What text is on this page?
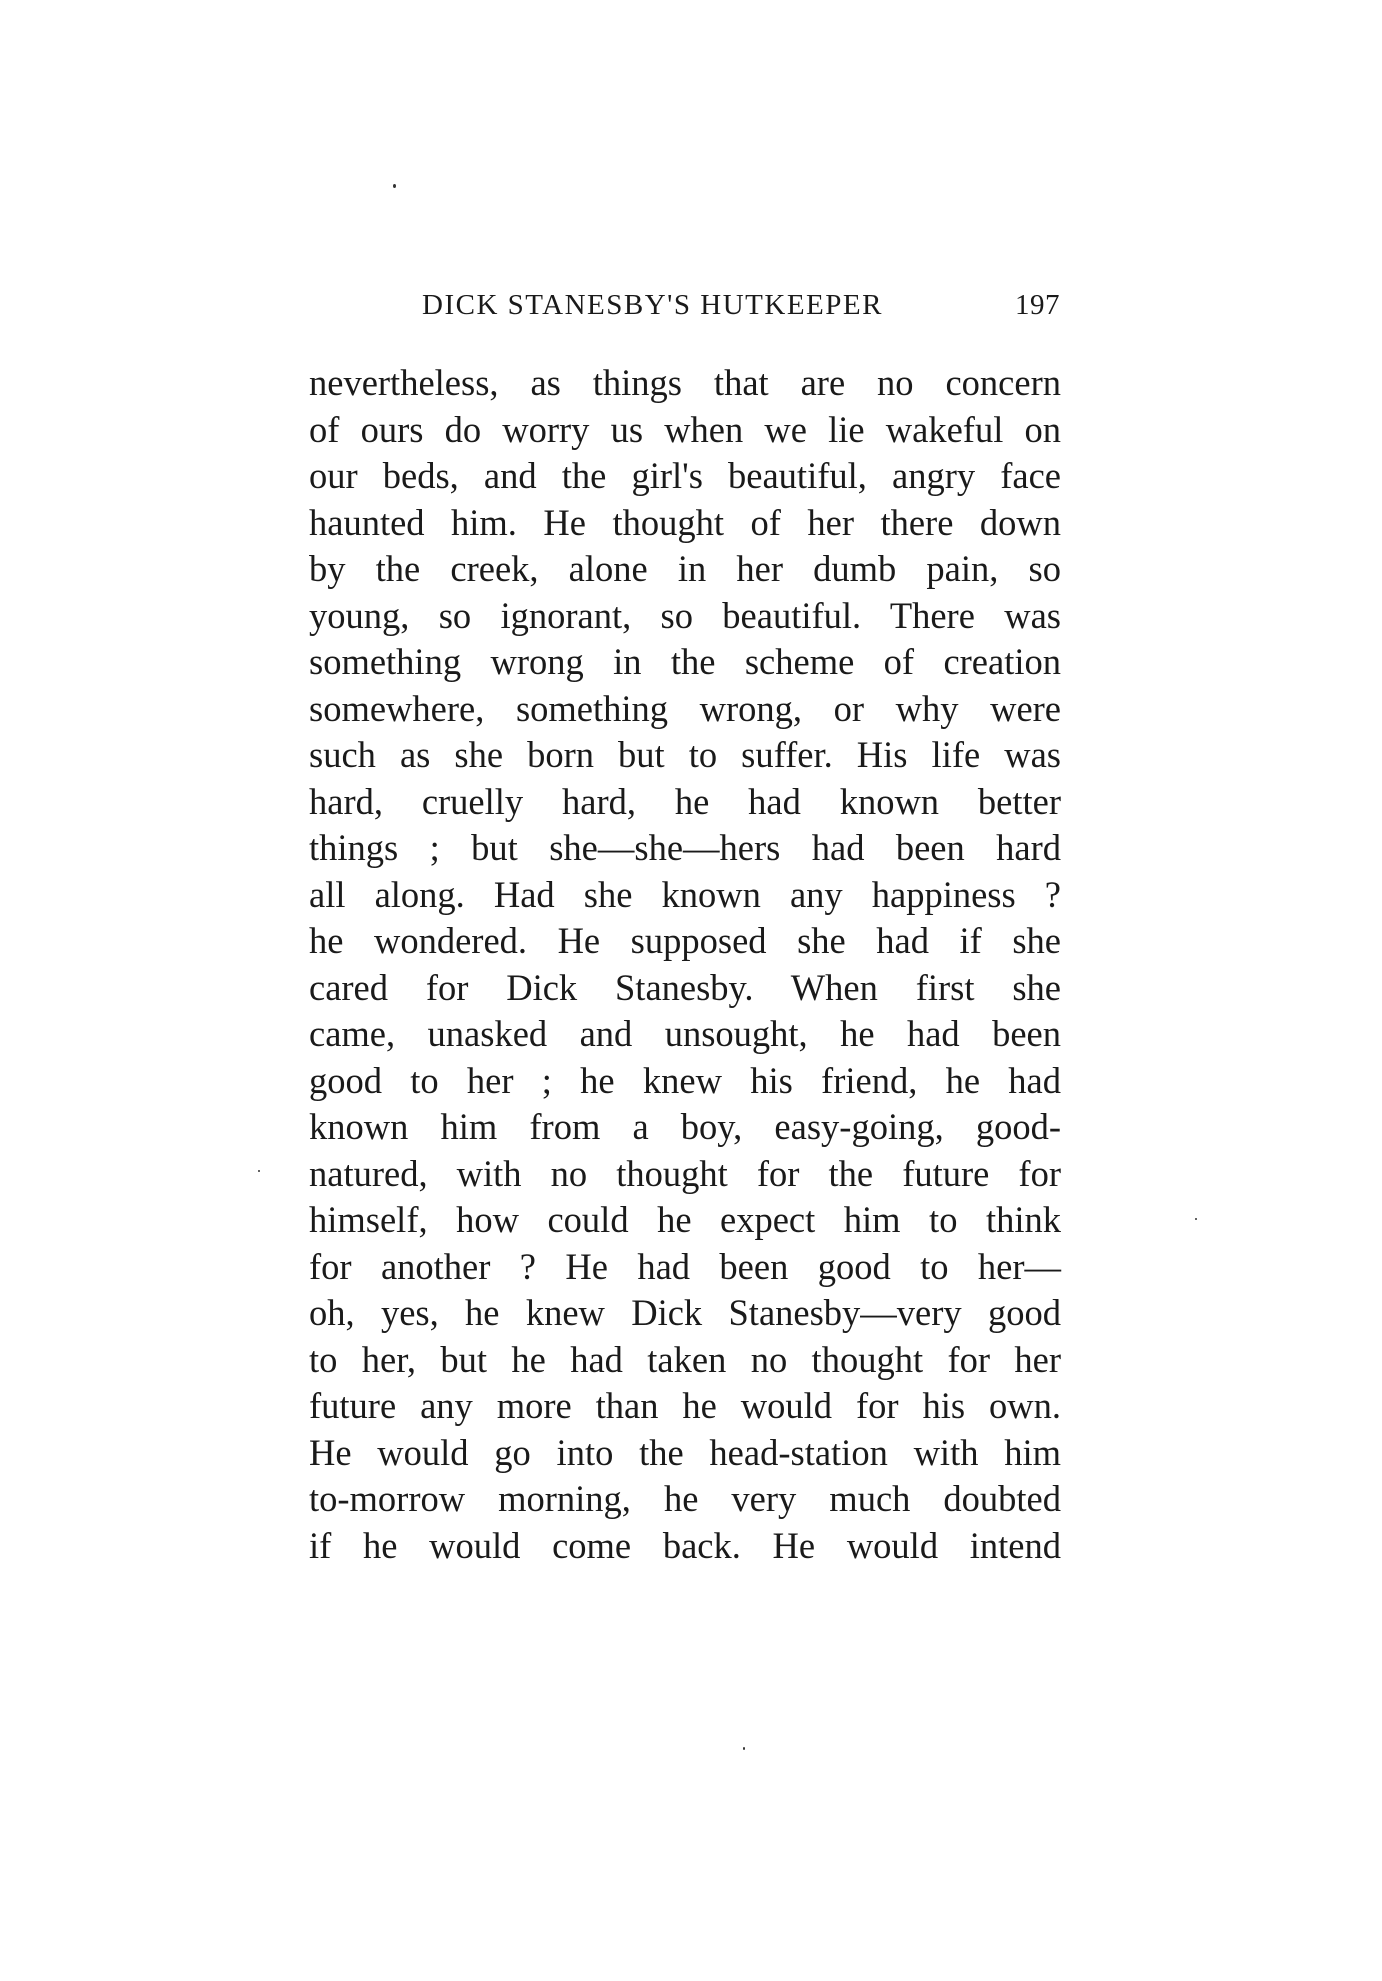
DICK STANESBY'S HUTKEEPER	197
nevertheless, as things that are no concern
of ours do worry us when we lie wakeful on
our beds, and the girl's beautiful, angry face
haunted him. He thought of her there down
by the creek, alone in her dumb pain, so
young, so ignorant, so beautiful. There was
something wrong in the scheme of creation
somewhere, something wrong, or why were
such as she born but to suffer. His life was
hard, cruelly hard, he had known better
things ; but she—she—hers had been hard
all along. Had she known any happiness ?
he wondered. He supposed she had if she
cared for Dick Stanesby. When first she
came, unasked and unsought, he had been
good to her ; he knew his friend, he had
known him from a boy, easy-going, good-
natured, with no thought for the future for
himself, how could he expect him to think
for another ? He had been good to her—
oh, yes, he knew Dick Stanesby—very good
to her, but he had taken no thought for her
future any more than he would for his own.
He would go into the head-station with him
to-morrow morning, he very much doubted
if he would come back. He would intend
